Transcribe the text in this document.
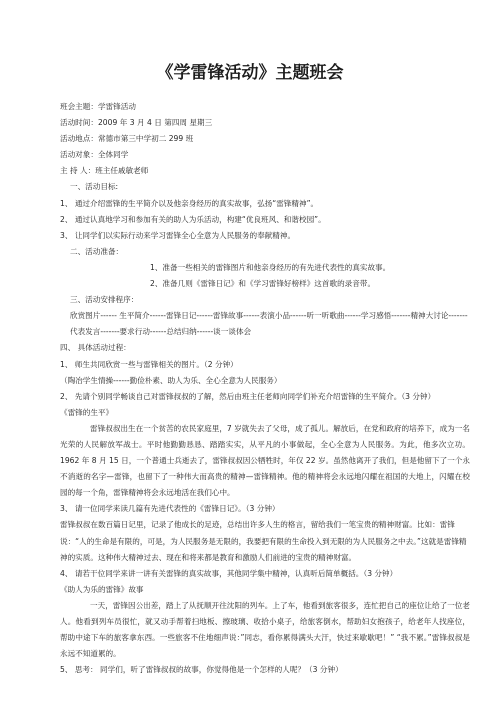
《学雷锋活动》主题班会
班会主题：学雷锋活动
活动时间：2009 年 3 月 4 日 第四周 星期三
活动地点：常德市第三中学初二 299 班
活动对象：全体同学
主 持 人：班主任戚敏老师
一、活动目标:
1、 通过介绍雷锋的生平简介以及他亲身经历的真实故事，弘扬“雷锋精神”。
2、 通过认真地学习和参加有关的助人为乐活动，构建“优良班风、和谐校园”。
3、 让同学们以实际行动来学习雷锋全心全意为人民服务的奉献精神。
二、活动准备：
1、准备一些相关的雷锋图片和他亲身经历的有先进代表性的真实故事。
2、准备几则《雷锋日记》和《学习雷锋好榜样》这首歌的录音带。
三、活动安排程序：
欣赏图片------ 生平简介------雷锋日记------雷锋故事------表演小品------听一听歌曲------学习感悟-------精神大讨论-------代表发言-------要求行动------总结归纳------谈一谈体会
四、 具体活动过程：
1、 师生共同欣赏一些与雷锋相关的图片。（2 分钟）
（陶冶学生情操------勤俭朴素、助人为乐、全心全意为人民服务）
2、 先请个别同学畅谈自己对雷锋叔叔的了解，然后由班主任老师向同学们补充介绍雷锋的生平简介。（3 分钟）
《雷锋的生平》
雷锋叔叔出生在一个贫苦的农民家庭里，7 岁就失去了父母，成了孤儿。解放后，在党和政府的培养下，成为一名光荣的人民解放军战士。平时他勤勤恳恳、踏踏实实，从平凡的小事做起，全心全意为人民服务。为此，他多次立功。1962 年 8 月 15 日，一个普通士兵逝去了，雷锋叔叔因公牺牲时，年仅 22 岁。虽然他离开了我们，但是他留下了一个永不消逝的名字—雷锋，也留下了一种伟大而高贵的精神—雷锋精神。他的精神将会永远地闪耀在祖国的大地上，闪耀在校园的每一个角，雷锋精神将会永远地活在我们心中。
3、 请一位同学来读几篇有先进代表性的《雷锋日记》。（3 分钟）
雷锋叔叔在数百篇日记里，记录了他成长的足迹，总结出许多人生的格言，留给我们一笔宝贵的精神财富。比如：雷锋说：“人的生命是有限的，可是，为人民服务是无限的，我要把有限的生命投入到无限的为人民服务之中去。”这就是雷锋精神的实质。这种伟大精神过去、现在和将来都是教育和激励人们前进的宝贵的精神财富。
4、 请若干位同学来讲一讲有关雷锋的真实故事，其他同学集中精神，认真听后简单概括。（3 分钟）
《助人为乐的雷锋》故事
一天，雷锋因公出差，踏上了从抚顺开往沈阳的列车。上了车，他看到旅客很多，连忙把自己的座位让给了一位老人。他看到列车员很忙，就又动手帮着扫地板、擦玻璃、收拾小桌子，给旅客倒水，帮助妇女抱孩子，给老年人找座位，帮助中途下车的旅客拿东西。一些旅客不住地细声说：”同志，看你累得满头大汗，快过来歇歇吧！” “我不累。”雷锋叔叔是永远不知道累的。
5、 思考： 同学们，听了雷锋叔叔的故事，你觉得他是一个怎样的人呢？（3 分钟）
